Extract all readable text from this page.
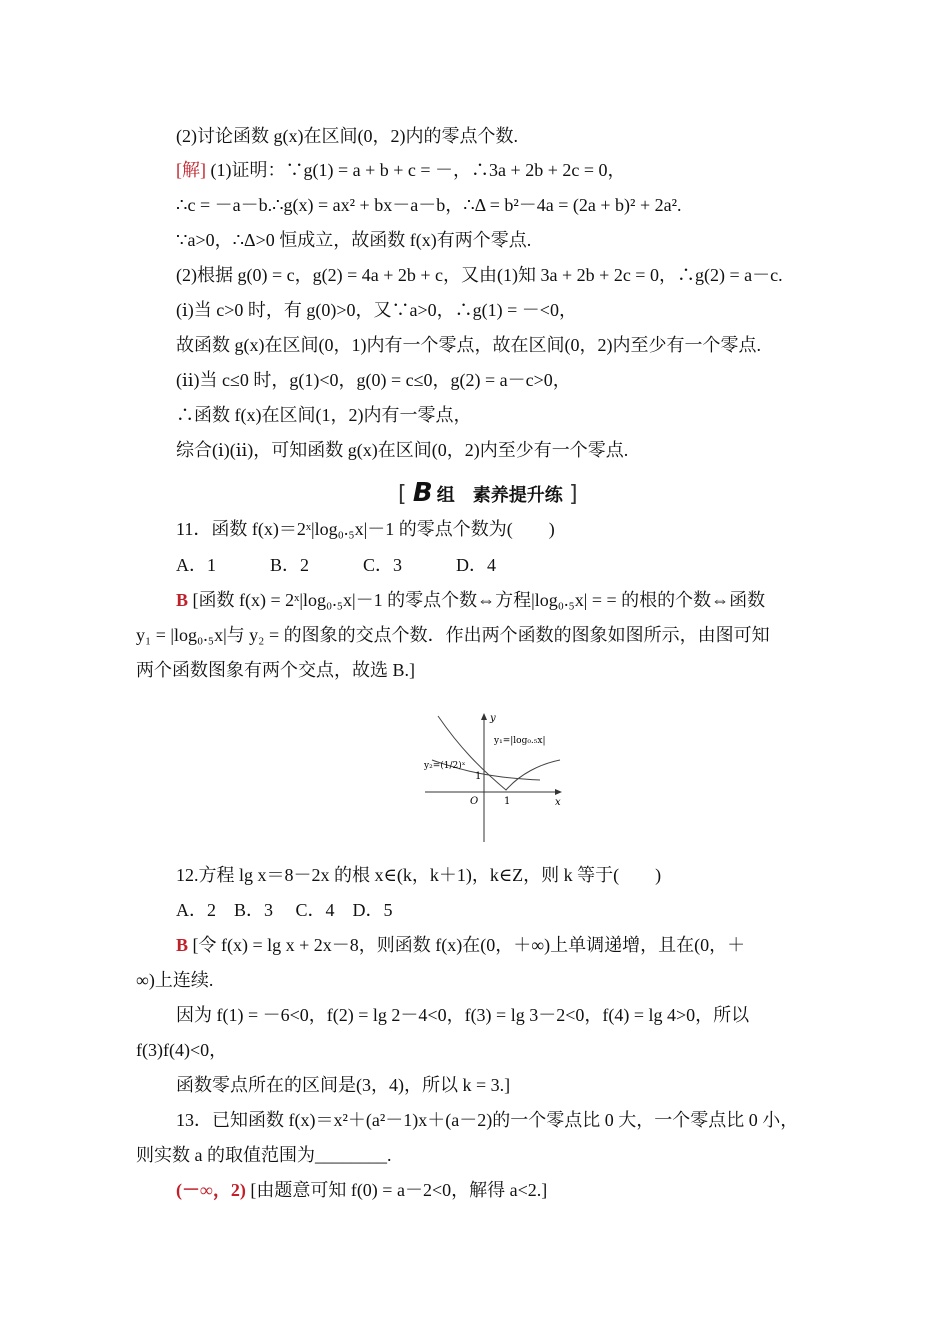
(2)讨论函数 g(x)在区间(0，2)内的零点个数.
[解] (1)证明：∵g(1) = a + b + c = －，∴3a + 2b + 2c = 0，
∴c = －a－b.∴g(x) = ax² + bx－a－b，∴Δ = b²－4a = (2a + b)² + 2a².
∵a>0，∴Δ>0 恒成立，故函数 f(x)有两个零点.
(2)根据 g(0) = c，g(2) = 4a + 2b + c，又由(1)知 3a + 2b + 2c = 0，∴g(2) = a－c.
(ⅰ)当 c>0 时，有 g(0)>0，又∵a>0，∴g(1) = －<0，
故函数 g(x)在区间(0，1)内有一个零点，故在区间(0，2)内至少有一个零点.
(ⅱ)当 c≤0 时，g(1)<0，g(0) = c≤0，g(2) = a－c>0，
∴函数 f(x)在区间(1，2)内有一零点，
综合(ⅰ)(ⅱ)，可知函数 g(x)在区间(0，2)内至少有一个零点.
[ B 组　素养提升练 ]
11．函数 f(x)＝2ˣ|log₀.₅x|－1 的零点个数为(　　)
A．1　　　B．2　　　C．3　　　D．4
B [函数 f(x) = 2ˣ|log₀.₅x|－1 的零点个数⇔方程|log₀.₅x| = = 的根的个数⇔函数
y₁ = |log₀.₅x|与 y₂ = 的图象的交点个数．作出两个函数的图象如图所示，由图可知
两个函数图象有两个交点，故选 B.]
y
x
O	1
1
y₁=|log₀.₅x|
y₂=(1/2)ˣ
12.方程 lg x＝8－2x 的根 x∈(k，k＋1)，k∈Z，则 k 等于(　　)
A．2　B．3　 C．4　D．5
B [令 f(x) = lg x + 2x－8，则函数 f(x)在(0，＋∞)上单调递增，且在(0，＋
∞)上连续.
因为 f(1) = －6<0，f(2) = lg 2－4<0，f(3) = lg 3－2<0，f(4) = lg 4>0，所以
f(3)f(4)<0，
函数零点所在的区间是(3，4)，所以 k = 3.]
13．已知函数 f(x)＝x²＋(a²－1)x＋(a－2)的一个零点比 0 大，一个零点比 0 小，
则实数 a 的取值范围为________.
(－∞，2) [由题意可知 f(0) = a－2<0，解得 a<2.]
